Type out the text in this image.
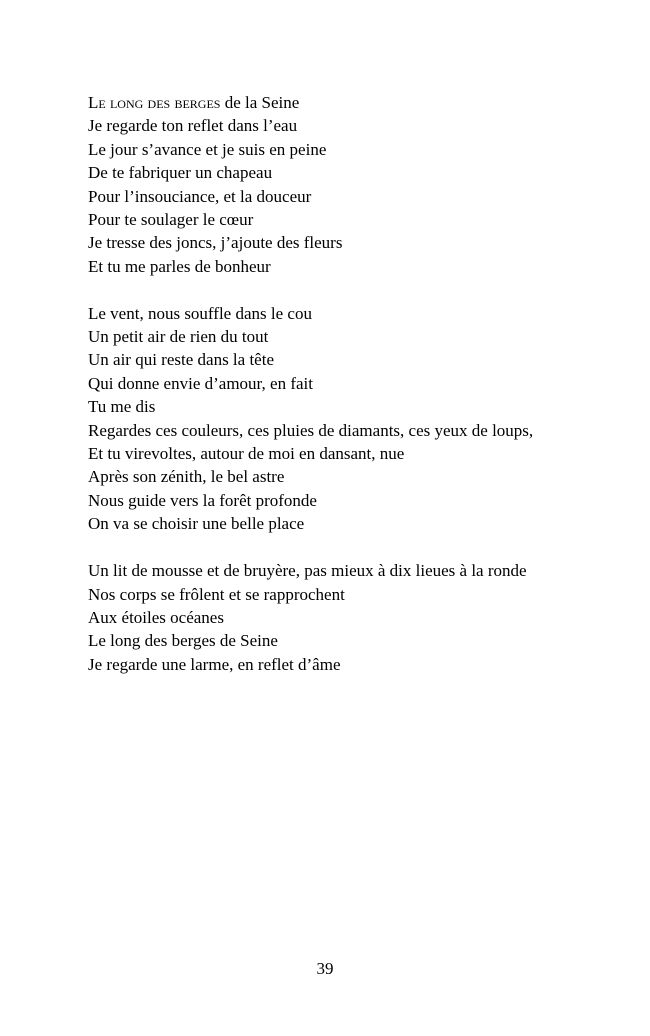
Le long des berges de la Seine

Je regarde ton reflet dans l’eau

Le jour s’avance et je suis en peine

De te fabriquer un chapeau

Pour l’insouciance, et la douceur

Pour te soulager le cœur

Je tresse des joncs, j’ajoute des fleurs

Et tu me parles de bonheur

Le vent, nous souffle dans le cou

Un petit air de rien du tout

Un air qui reste dans la tête

Qui donne envie d’amour, en fait

Tu me dis

Regardes ces couleurs, ces pluies de diamants, ces yeux de loups,

Et tu virevoltes, autour de moi en dansant, nue

Après son zénith, le bel astre

Nous guide vers la forêt profonde

On va se choisir une belle place

Un lit de mousse et de bruyère, pas mieux à dix lieues à la ronde

Nos corps se frôlent et se rapprochent

Aux étoiles océanes

Le long des berges de Seine

Je regarde une larme, en reflet d’âme

39
